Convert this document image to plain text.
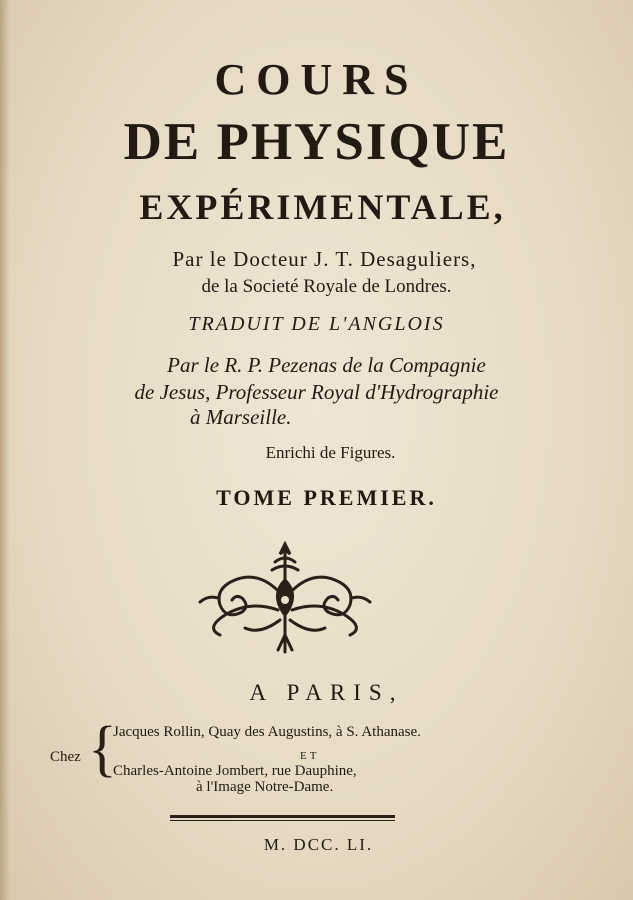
COURS
DE PHYSIQUE
EXPÉRIMENTALE,
Par le Docteur J. T. Desaguliers,
de la Societé Royale de Londres.
TRADUIT DE L'ANGLOIS
Par le R. P. Pezenas de la Compagnie
de Jesus, Professeur Royal d'Hydrographie
à Marseille.
Enrichi de Figures.
TOME PREMIER.
A PARIS,
Chez {
Jacques Rollin, Quay des Augustins, à S. Athanase.
ET
Charles-Antoine Jombert, rue Dauphine,
à l'Image Notre-Dame.
M. DCC. LI.
